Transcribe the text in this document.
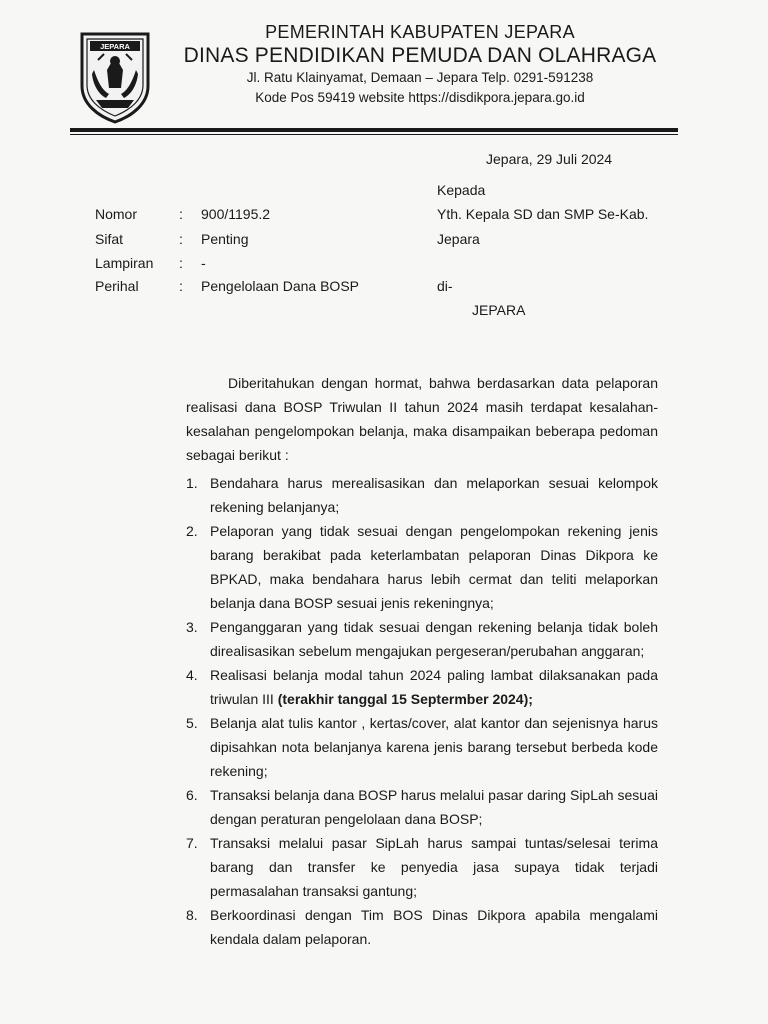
JEPARA
PEMERINTAH KABUPATEN JEPARA
DINAS PENDIDIKAN PEMUDA DAN OLAHRAGA
Jl. Ratu Klainyamat, Demaan – Jepara Telp. 0291-591238
Kode Pos 59419 website https://disdikpora.jepara.go.id
Jepara, 29 Juli 2024
Nomor	: 900/1195.2
Sifat	: Penting
Lampiran : -
Perihal	: Pengelolaan Dana BOSP
Kepada
Yth. Kepala SD dan SMP Se-Kab.
Jepara
di-
JEPARA

Diberitahukan dengan hormat, bahwa berdasarkan data pelaporan realisasi dana BOSP Triwulan II tahun 2024 masih terdapat kesalahan-kesalahan pengelompokan belanja, maka disampaikan beberapa pedoman sebagai berikut :

1. Bendahara harus merealisasikan dan melaporkan sesuai kelompok rekening belanjanya;
2. Pelaporan yang tidak sesuai dengan pengelompokan rekening jenis barang berakibat pada keterlambatan pelaporan Dinas Dikpora ke BPKAD, maka bendahara harus lebih cermat dan teliti melaporkan belanja dana BOSP sesuai jenis rekeningnya;
3. Penganggaran yang tidak sesuai dengan rekening belanja tidak boleh direalisasikan sebelum mengajukan pergeseran/perubahan anggaran;
4. Realisasi belanja modal tahun 2024 paling lambat dilaksanakan pada triwulan III (terakhir tanggal 15 Septermber 2024);
5. Belanja alat tulis kantor , kertas/cover, alat kantor dan sejenisnya harus dipisahkan nota belanjanya karena jenis barang tersebut berbeda kode rekening;
6. Transaksi belanja dana BOSP harus melalui pasar daring SipLah sesuai dengan peraturan pengelolaan dana BOSP;
7. Transaksi melalui pasar SipLah harus sampai tuntas/selesai terima barang dan transfer ke penyedia jasa supaya tidak terjadi permasalahan transaksi gantung;
8. Berkoordinasi dengan Tim BOS Dinas Dikpora apabila mengalami kendala dalam pelaporan.
